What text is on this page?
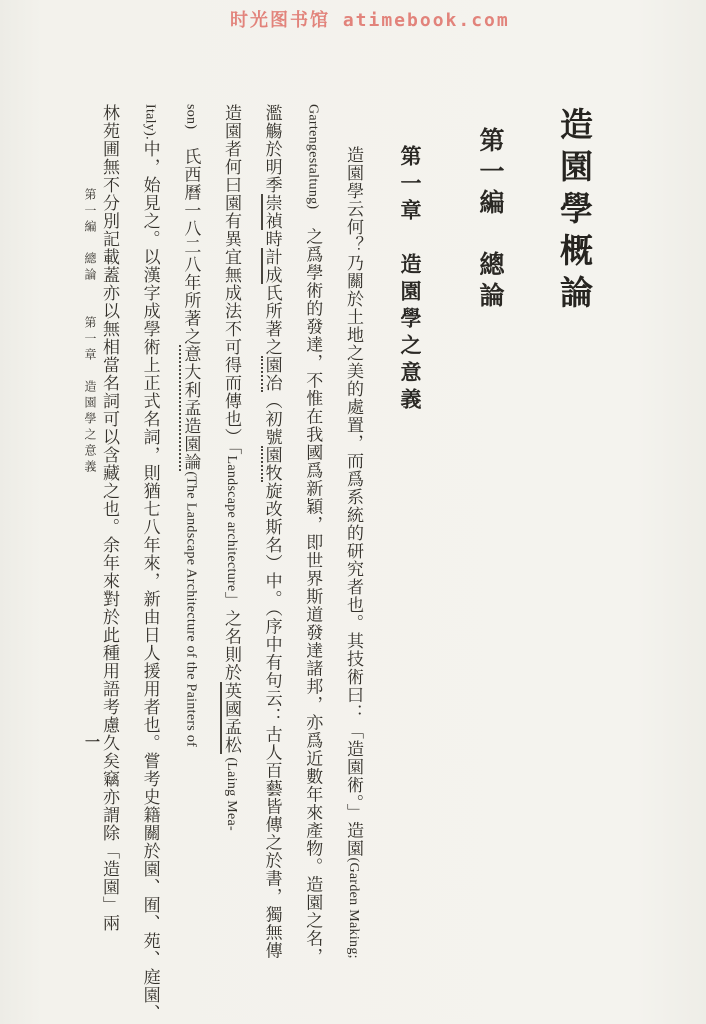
时光图书馆 atimebook.com
造園學概論
第一編　總論
第一章　造園學之意義
造園學云何？乃關於土地之美的處置，而爲系統的研究者也。其技術曰：「造園術。」造園(Garden Making;
Gartengestaltung)　之爲學術的發達，不惟在我國爲新穎，即世界斯道發達諸邦，亦爲近數年來產物。造園之名，
濫觴於明季崇禎時計成氏所著之園冶（初號園牧旋改斯名）中。（序中有句云：古人百藝皆傳之於書，獨無傳
造園者何曰園有異宜無成法不可得而傳也）「Landscape architecture」之名則於英國孟松 (Laing Mea-
son)　氏西曆一八二八年所著之意大利孟造園論(The Landscape Architecture of the Painters of
Italy).中，始見之。以漢字成學術上正式名詞，則猶七八年來，新由日人援用者也。嘗考史籍關於園、囿、苑、庭園、
林苑圃無不分別記載蓋亦以無相當名詞可以含藏之也。余年來對於此種用語考慮久矣竊亦謂除「造園」兩
第一編　總論　　第一章　造園學之意義
一
